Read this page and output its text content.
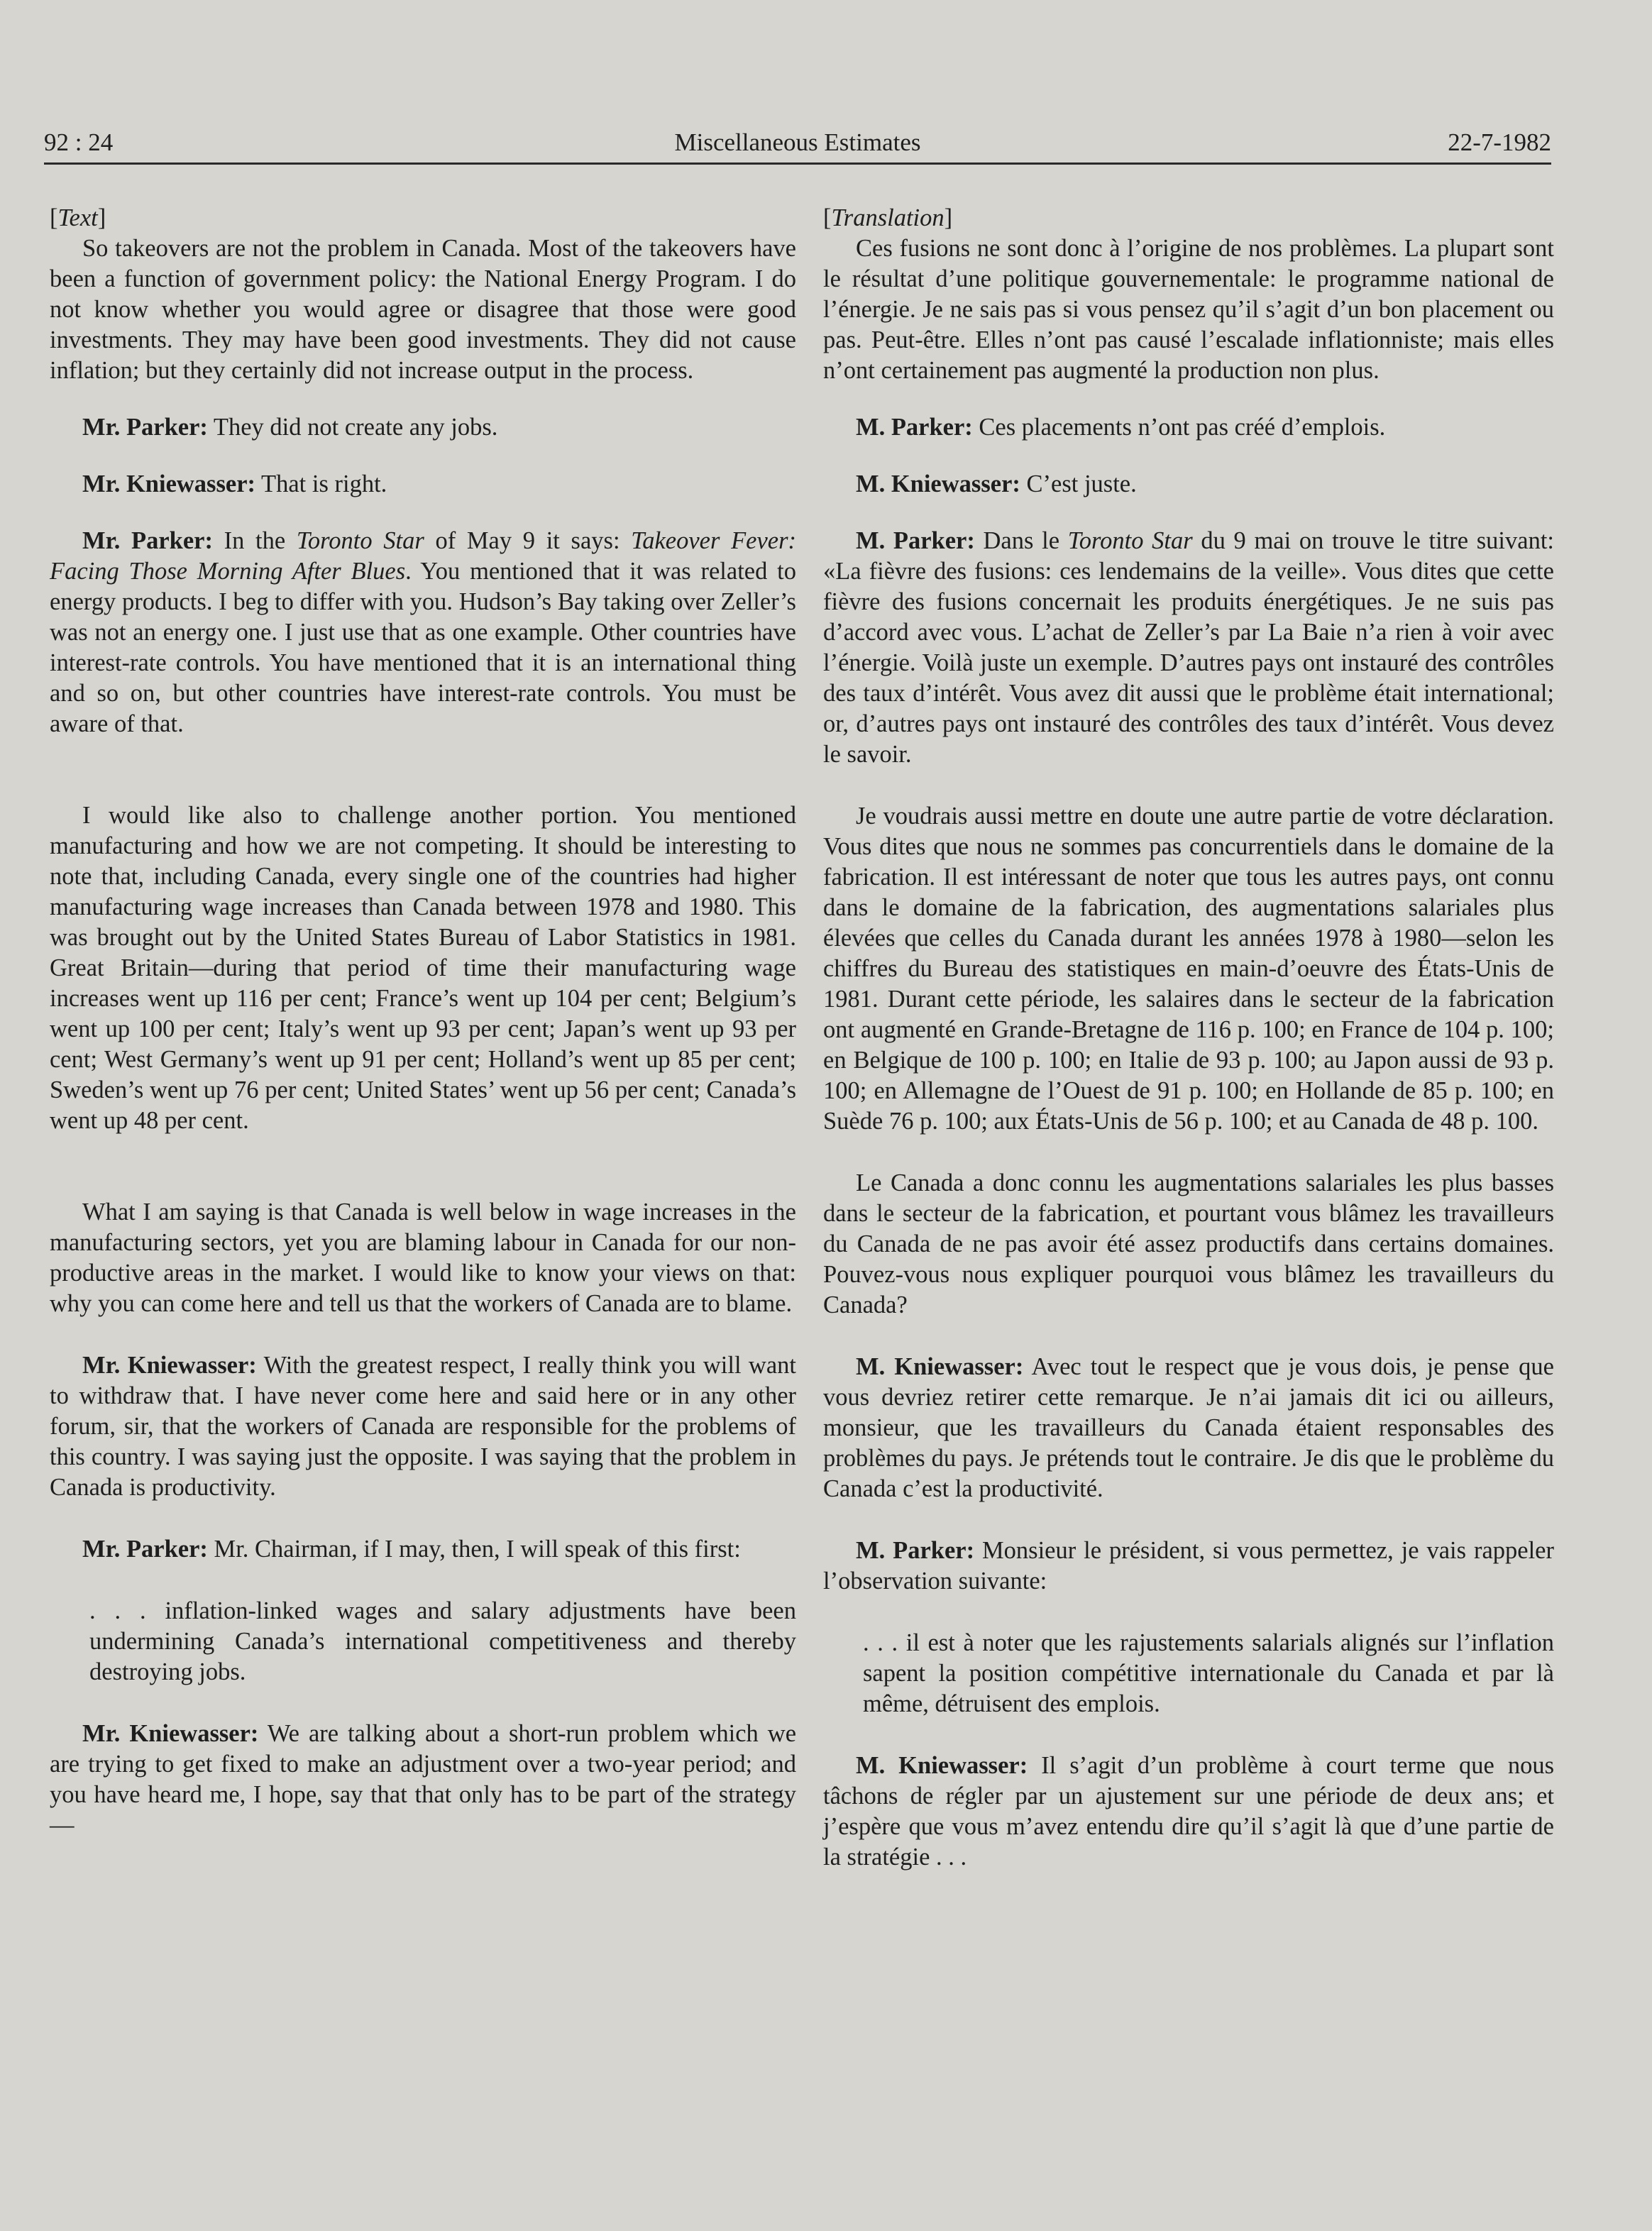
92 : 24	Miscellaneous Estimates	22-7-1982

[Text]

So takeovers are not the problem in Canada. Most of the takeovers have been a function of government policy: the National Energy Program. I do not know whether you would agree or disagree that those were good investments. They may have been good investments. They did not cause inflation; but they certainly did not increase output in the process.

Mr. Parker: They did not create any jobs.

Mr. Kniewasser: That is right.

Mr. Parker: In the Toronto Star of May 9 it says: Takeover Fever: Facing Those Morning After Blues. You mentioned that it was related to energy products. I beg to differ with you. Hudson’s Bay taking over Zeller’s was not an energy one. I just use that as one example. Other countries have interest-rate controls. You have mentioned that it is an international thing and so on, but other countries have interest-rate controls. You must be aware of that.

I would like also to challenge another portion. You mentioned manufacturing and how we are not competing. It should be interesting to note that, including Canada, every single one of the countries had higher manufacturing wage increases than Canada between 1978 and 1980. This was brought out by the United States Bureau of Labor Statistics in 1981. Great Britain—during that period of time their manufacturing wage increases went up 116 per cent; France’s went up 104 per cent; Belgium’s went up 100 per cent; Italy’s went up 93 per cent; Japan’s went up 93 per cent; West Germany’s went up 91 per cent; Holland’s went up 85 per cent; Sweden’s went up 76 per cent; United States’ went up 56 per cent; Canada’s went up 48 per cent.

What I am saying is that Canada is well below in wage increases in the manufacturing sectors, yet you are blaming labour in Canada for our non-productive areas in the market. I would like to know your views on that: why you can come here and tell us that the workers of Canada are to blame.

Mr. Kniewasser: With the greatest respect, I really think you will want to withdraw that. I have never come here and said here or in any other forum, sir, that the workers of Canada are responsible for the problems of this country. I was saying just the opposite. I was saying that the problem in Canada is productivity.

Mr. Parker: Mr. Chairman, if I may, then, I will speak of this first:

. . . inflation-linked wages and salary adjustments have been undermining Canada’s international competitiveness and thereby destroying jobs.

Mr. Kniewasser: We are talking about a short-run problem which we are trying to get fixed to make an adjustment over a two-year period; and you have heard me, I hope, say that that only has to be part of the strategy—

[Translation]

Ces fusions ne sont donc à l’origine de nos problèmes. La plupart sont le résultat d’une politique gouvernementale: le programme national de l’énergie. Je ne sais pas si vous pensez qu’il s’agit d’un bon placement ou pas. Peut-être. Elles n’ont pas causé l’escalade inflationniste; mais elles n’ont certainement pas augmenté la production non plus.

M. Parker: Ces placements n’ont pas créé d’emplois.

M. Kniewasser: C’est juste.

M. Parker: Dans le Toronto Star du 9 mai on trouve le titre suivant: «La fièvre des fusions: ces lendemains de la veille». Vous dites que cette fièvre des fusions concernait les produits énergétiques. Je ne suis pas d’accord avec vous. L’achat de Zeller’s par La Baie n’a rien à voir avec l’énergie. Voilà juste un exemple. D’autres pays ont instauré des contrôles des taux d’intérêt. Vous avez dit aussi que le problème était international; or, d’autres pays ont instauré des contrôles des taux d’intérêt. Vous devez le savoir.

Je voudrais aussi mettre en doute une autre partie de votre déclaration. Vous dites que nous ne sommes pas concurrentiels dans le domaine de la fabrication. Il est intéressant de noter que tous les autres pays, ont connu dans le domaine de la fabrication, des augmentations salariales plus élevées que celles du Canada durant les années 1978 à 1980—selon les chiffres du Bureau des statistiques en main-d’oeuvre des États-Unis de 1981. Durant cette période, les salaires dans le secteur de la fabrication ont augmenté en Grande-Bretagne de 116 p. 100; en France de 104 p. 100; en Belgique de 100 p. 100; en Italie de 93 p. 100; au Japon aussi de 93 p. 100; en Allemagne de l’Ouest de 91 p. 100; en Hollande de 85 p. 100; en Suède 76 p. 100; aux États-Unis de 56 p. 100; et au Canada de 48 p. 100.

Le Canada a donc connu les augmentations salariales les plus basses dans le secteur de la fabrication, et pourtant vous blâmez les travailleurs du Canada de ne pas avoir été assez productifs dans certains domaines. Pouvez-vous nous expliquer pourquoi vous blâmez les travailleurs du Canada?

M. Kniewasser: Avec tout le respect que je vous dois, je pense que vous devriez retirer cette remarque. Je n’ai jamais dit ici ou ailleurs, monsieur, que les travailleurs du Canada étaient responsables des problèmes du pays. Je prétends tout le contraire. Je dis que le problème du Canada c’est la productivité.

M. Parker: Monsieur le président, si vous permettez, je vais rappeler l’observation suivante:

. . . il est à noter que les rajustements salarials alignés sur l’inflation sapent la position compétitive internationale du Canada et par là même, détruisent des emplois.

M. Kniewasser: Il s’agit d’un problème à court terme que nous tâchons de régler par un ajustement sur une période de deux ans; et j’espère que vous m’avez entendu dire qu’il s’agit là que d’une partie de la stratégie . . .
